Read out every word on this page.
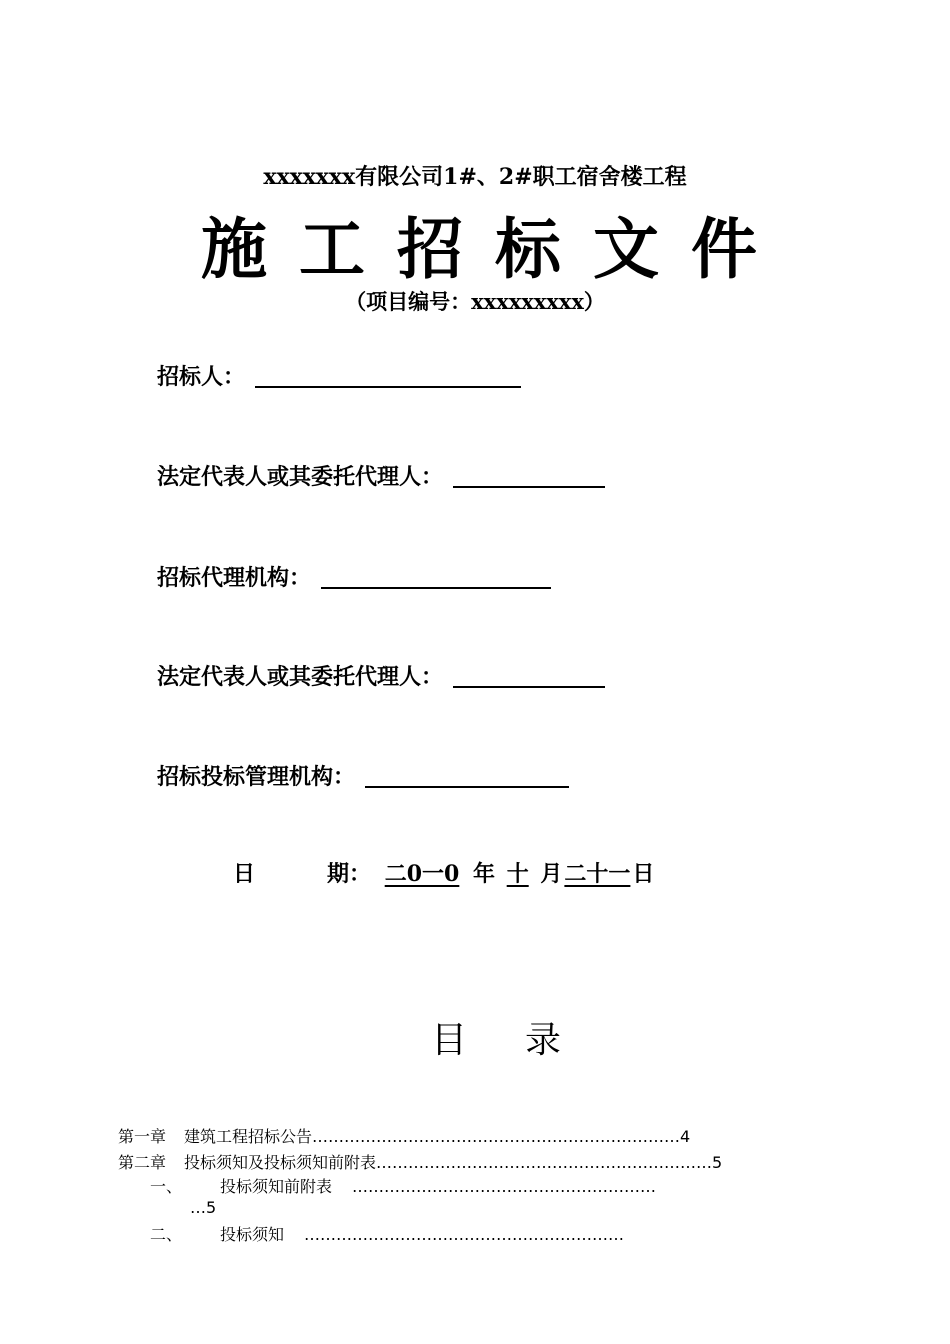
xxxxxxx有限公司1#、2#职工宿舍楼工程
施工招标文件
（项目编号：xxxxxxxxx）
招标人：
法定代表人或其委托代理人：
招标代理机构：
法定代表人或其委托代理人：
招标投标管理机构：
日	期： 二0一0 年 十 月二十一日
目录
第一章 建筑工程招标公告……………………………………………………………4
第二章 投标须知及投标须知前附表………………………………………………………5
一、 投标须知前附表 …………………………………………………
…5
二、 投标须知 ……………………………………………………
